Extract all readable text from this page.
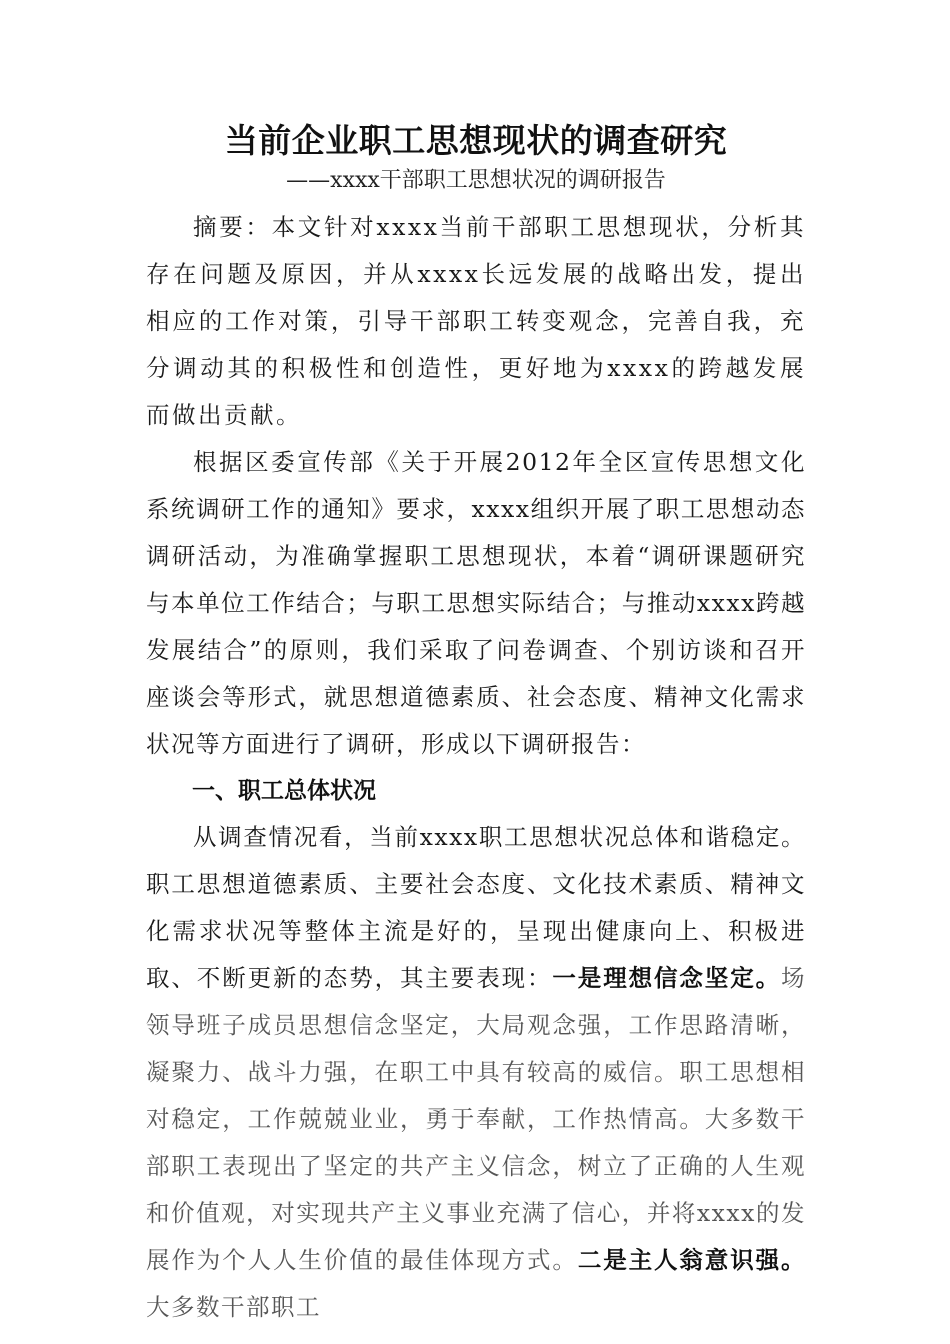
当前企业职工思想现状的调查研究

——xxxx干部职工思想状况的调研报告

摘要：本文针对xxxx当前干部职工思想现状，分析其存在问题及原因，并从xxxx长远发展的战略出发，提出相应的工作对策，引导干部职工转变观念，完善自我，充分调动其的积极性和创造性，更好地为xxxx的跨越发展而做出贡献。

根据区委宣传部《关于开展2012年全区宣传思想文化系统调研工作的通知》要求，xxxx组织开展了职工思想动态调研活动，为准确掌握职工思想现状，本着“调研课题研究与本单位工作结合；与职工思想实际结合；与推动xxxx跨越发展结合”的原则，我们采取了问卷调查、个别访谈和召开座谈会等形式，就思想道德素质、社会态度、精神文化需求状况等方面进行了调研，形成以下调研报告：

一、职工总体状况

从调查情况看，当前xxxx职工思想状况总体和谐稳定。职工思想道德素质、主要社会态度、文化技术素质、精神文化需求状况等整体主流是好的，呈现出健康向上、积极进取、不断更新的态势，其主要表现：一是理想信念坚定。场领导班子成员思想信念坚定，大局观念强，工作思路清晰，凝聚力、战斗力强，在职工中具有较高的威信。职工思想相对稳定，工作兢兢业业，勇于奉献，工作热情高。大多数干部职工表现出了坚定的共产主义信念，树立了正确的人生观和价值观，对实现共产主义事业充满了信心，并将xxxx的发展作为个人人生价值的最佳体现方式。二是主人翁意识强。大多数干部职工
